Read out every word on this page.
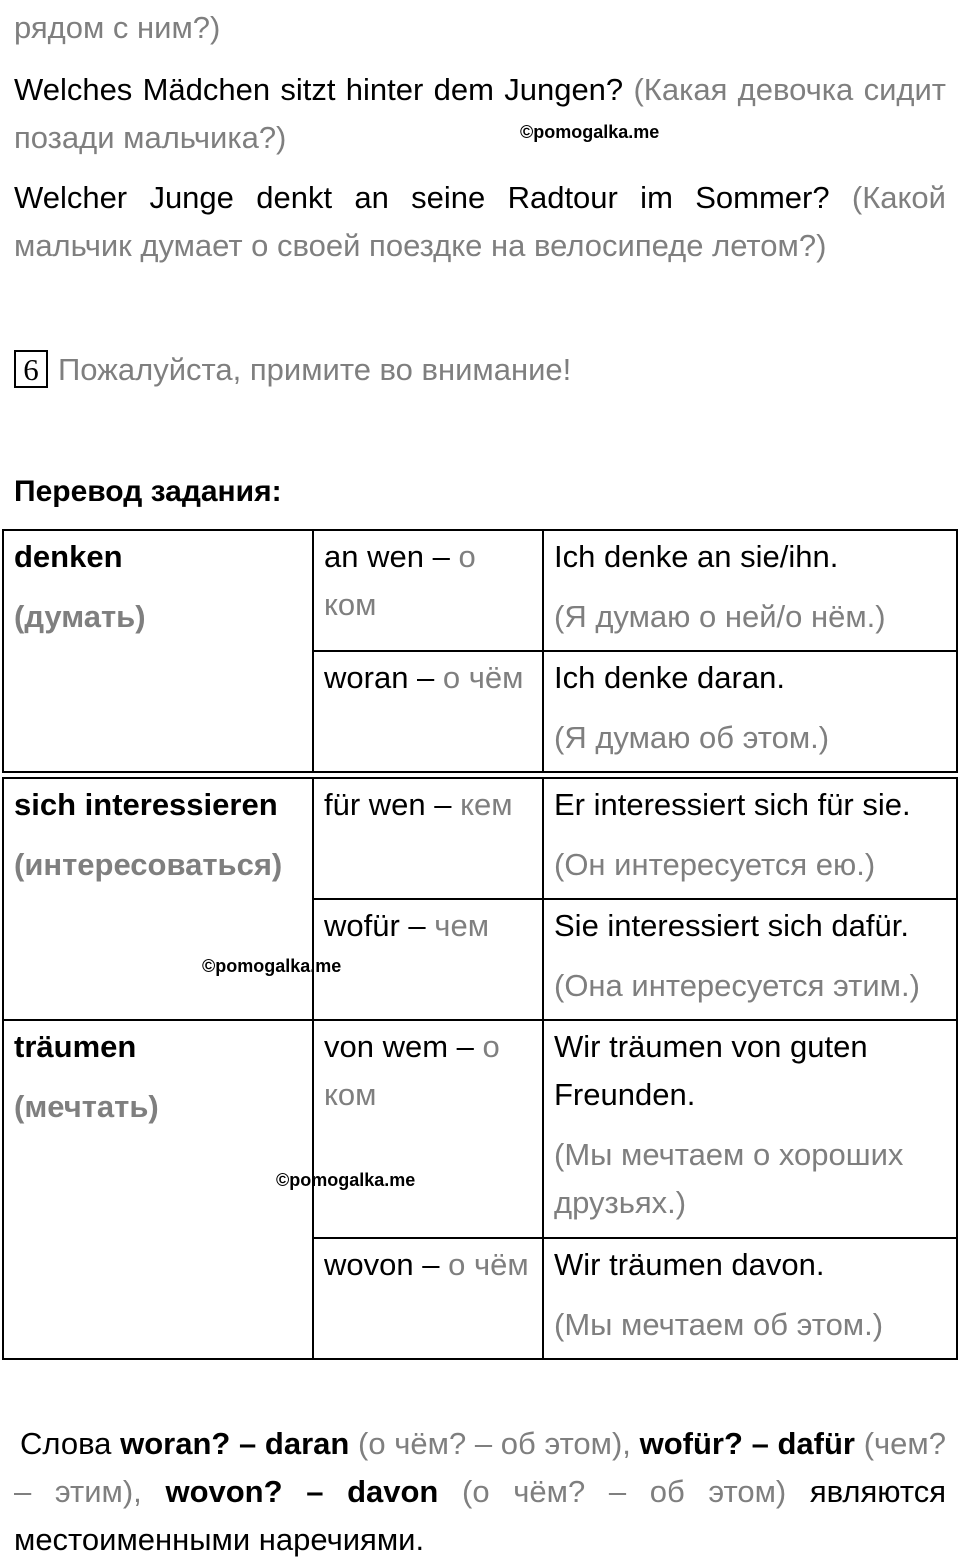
рядом с ним?)

Welches Mädchen sitzt hinter dem Jungen? (Какая девочка сидит позади мальчика?)	©pomogalka.me

Welcher Junge denkt an seine Radtour im Sommer? (Какой мальчик думает о своей поездке на велосипеде летом?)

6 Пожалуйста, примите во внимание!
Перевод задания:
denken
(думать)	an wen – о ком	Ich denke an sie/ihn.
(Я думаю о ней/о нём.)

	woran – о чём	Ich denke daran.
(Я думаю об этом.)
sich interessieren
(интересоваться)	für wen – кем	Er interessiert sich für sie.
(Он интересуется ею.)

	wofür – чем	Sie interessiert sich dafür.
(Она интересуется этим.)

träumen
(мечтать)	von wem – о ком	Wir träumen von guten Freunden.
(Мы мечтаем о хороших друзьях.)

	wovon – о чём	Wir träumen davon.
(Мы мечтаем об этом.)
©pomogalka.me
©pomogalka.me

Слова woran? – daran (о чём? – об этом), wofür? – dafür (чем? – этим), wovon? – davon (о чём? – об этом) являются местоименными наречиями.
